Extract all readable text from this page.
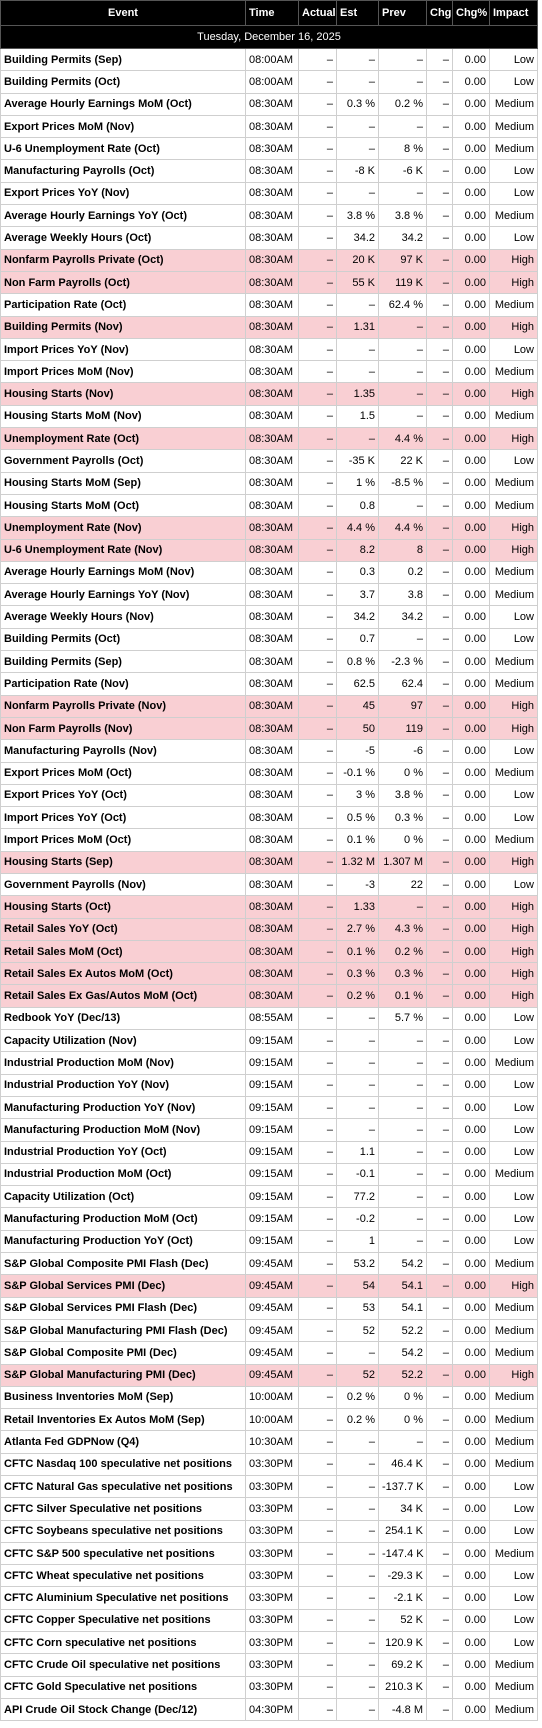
Event	Time	Actual	Est	Prev	Chg	Chg%	Impact
Tuesday, December 16, 2025							
Building Permits (Sep)	08:00AM	–	–	–	–	0.00	Low
Building Permits (Oct)	08:00AM	–	–	–	–	0.00	Low
Average Hourly Earnings MoM (Oct)	08:30AM	–	0.3 %	0.2 %	–	0.00	Medium
Export Prices MoM (Nov)	08:30AM	–	–	–	–	0.00	Medium
U-6 Unemployment Rate (Oct)	08:30AM	–	–	8 %	–	0.00	Medium
Manufacturing Payrolls (Oct)	08:30AM	–	-8 K	-6 K	–	0.00	Low
Export Prices YoY (Nov)	08:30AM	–	–	–	–	0.00	Low
Average Hourly Earnings YoY (Oct)	08:30AM	–	3.8 %	3.8 %	–	0.00	Medium
Average Weekly Hours (Oct)	08:30AM	–	34.2	34.2	–	0.00	Low
Nonfarm Payrolls Private (Oct)	08:30AM	–	20 K	97 K	–	0.00	High
Non Farm Payrolls (Oct)	08:30AM	–	55 K	119 K	–	0.00	High
Participation Rate (Oct)	08:30AM	–	–	62.4 %	–	0.00	Medium
Building Permits (Nov)	08:30AM	–	1.31	–	–	0.00	High
Import Prices YoY (Nov)	08:30AM	–	–	–	–	0.00	Low
Import Prices MoM (Nov)	08:30AM	–	–	–	–	0.00	Medium
Housing Starts (Nov)	08:30AM	–	1.35	–	–	0.00	High
Housing Starts MoM (Nov)	08:30AM	–	1.5	–	–	0.00	Medium
Unemployment Rate (Oct)	08:30AM	–	–	4.4 %	–	0.00	High
Government Payrolls (Oct)	08:30AM	–	-35 K	22 K	–	0.00	Low
Housing Starts MoM (Sep)	08:30AM	–	1 %	-8.5 %	–	0.00	Medium
Housing Starts MoM (Oct)	08:30AM	–	0.8	–	–	0.00	Medium
Unemployment Rate (Nov)	08:30AM	–	4.4 %	4.4 %	–	0.00	High
U-6 Unemployment Rate (Nov)	08:30AM	–	8.2	8	–	0.00	High
Average Hourly Earnings MoM (Nov)	08:30AM	–	0.3	0.2	–	0.00	Medium
Average Hourly Earnings YoY (Nov)	08:30AM	–	3.7	3.8	–	0.00	Medium
Average Weekly Hours (Nov)	08:30AM	–	34.2	34.2	–	0.00	Low
Building Permits (Oct)	08:30AM	–	0.7	–	–	0.00	Low
Building Permits (Sep)	08:30AM	–	0.8 %	-2.3 %	–	0.00	Medium
Participation Rate (Nov)	08:30AM	–	62.5	62.4	–	0.00	Medium
Nonfarm Payrolls Private (Nov)	08:30AM	–	45	97	–	0.00	High
Non Farm Payrolls (Nov)	08:30AM	–	50	119	–	0.00	High
Manufacturing Payrolls (Nov)	08:30AM	–	-5	-6	–	0.00	Low
Export Prices MoM (Oct)	08:30AM	–	-0.1 %	0 %	–	0.00	Medium
Export Prices YoY (Oct)	08:30AM	–	3 %	3.8 %	–	0.00	Low
Import Prices YoY (Oct)	08:30AM	–	0.5 %	0.3 %	–	0.00	Low
Import Prices MoM (Oct)	08:30AM	–	0.1 %	0 %	–	0.00	Medium
Housing Starts (Sep)	08:30AM	–	1.32 M	1.307 M	–	0.00	High
Government Payrolls (Nov)	08:30AM	–	-3	22	–	0.00	Low
Housing Starts (Oct)	08:30AM	–	1.33	–	–	0.00	High
Retail Sales YoY (Oct)	08:30AM	–	2.7 %	4.3 %	–	0.00	High
Retail Sales MoM (Oct)	08:30AM	–	0.1 %	0.2 %	–	0.00	High
Retail Sales Ex Autos MoM (Oct)	08:30AM	–	0.3 %	0.3 %	–	0.00	High
Retail Sales Ex Gas/Autos MoM (Oct)	08:30AM	–	0.2 %	0.1 %	–	0.00	High
Redbook YoY (Dec/13)	08:55AM	–	–	5.7 %	–	0.00	Low
Capacity Utilization (Nov)	09:15AM	–	–	–	–	0.00	Low
Industrial Production MoM (Nov)	09:15AM	–	–	–	–	0.00	Medium
Industrial Production YoY (Nov)	09:15AM	–	–	–	–	0.00	Low
Manufacturing Production YoY (Nov)	09:15AM	–	–	–	–	0.00	Low
Manufacturing Production MoM (Nov)	09:15AM	–	–	–	–	0.00	Low
Industrial Production YoY (Oct)	09:15AM	–	1.1	–	–	0.00	Low
Industrial Production MoM (Oct)	09:15AM	–	-0.1	–	–	0.00	Medium
Capacity Utilization (Oct)	09:15AM	–	77.2	–	–	0.00	Low
Manufacturing Production MoM (Oct)	09:15AM	–	-0.2	–	–	0.00	Low
Manufacturing Production YoY (Oct)	09:15AM	–	1	–	–	0.00	Low
S&P Global Composite PMI Flash (Dec)	09:45AM	–	53.2	54.2	–	0.00	Medium
S&P Global Services PMI (Dec)	09:45AM	–	54	54.1	–	0.00	High
S&P Global Services PMI Flash (Dec)	09:45AM	–	53	54.1	–	0.00	Medium
S&P Global Manufacturing PMI Flash (Dec)	09:45AM	–	52	52.2	–	0.00	Medium
S&P Global Composite PMI (Dec)	09:45AM	–	–	54.2	–	0.00	Medium
S&P Global Manufacturing PMI (Dec)	09:45AM	–	52	52.2	–	0.00	High
Business Inventories MoM (Sep)	10:00AM	–	0.2 %	0 %	–	0.00	Medium
Retail Inventories Ex Autos MoM (Sep)	10:00AM	–	0.2 %	0 %	–	0.00	Medium
Atlanta Fed GDPNow (Q4)	10:30AM	–	–	–	–	0.00	Medium
CFTC Nasdaq 100 speculative net positions	03:30PM	–	–	46.4 K	–	0.00	Medium
CFTC Natural Gas speculative net positions	03:30PM	–	–	-137.7 K	–	0.00	Low
CFTC Silver Speculative net positions	03:30PM	–	–	34 K	–	0.00	Low
CFTC Soybeans speculative net positions	03:30PM	–	–	254.1 K	–	0.00	Low
CFTC S&P 500 speculative net positions	03:30PM	–	–	-147.4 K	–	0.00	Medium
CFTC Wheat speculative net positions	03:30PM	–	–	-29.3 K	–	0.00	Low
CFTC Aluminium Speculative net positions	03:30PM	–	–	-2.1 K	–	0.00	Low
CFTC Copper Speculative net positions	03:30PM	–	–	52 K	–	0.00	Low
CFTC Corn speculative net positions	03:30PM	–	–	120.9 K	–	0.00	Low
CFTC Crude Oil speculative net positions	03:30PM	–	–	69.2 K	–	0.00	Medium
CFTC Gold Speculative net positions	03:30PM	–	–	210.3 K	–	0.00	Medium
API Crude Oil Stock Change (Dec/12)	04:30PM	–	–	-4.8 M	–	0.00	Medium
